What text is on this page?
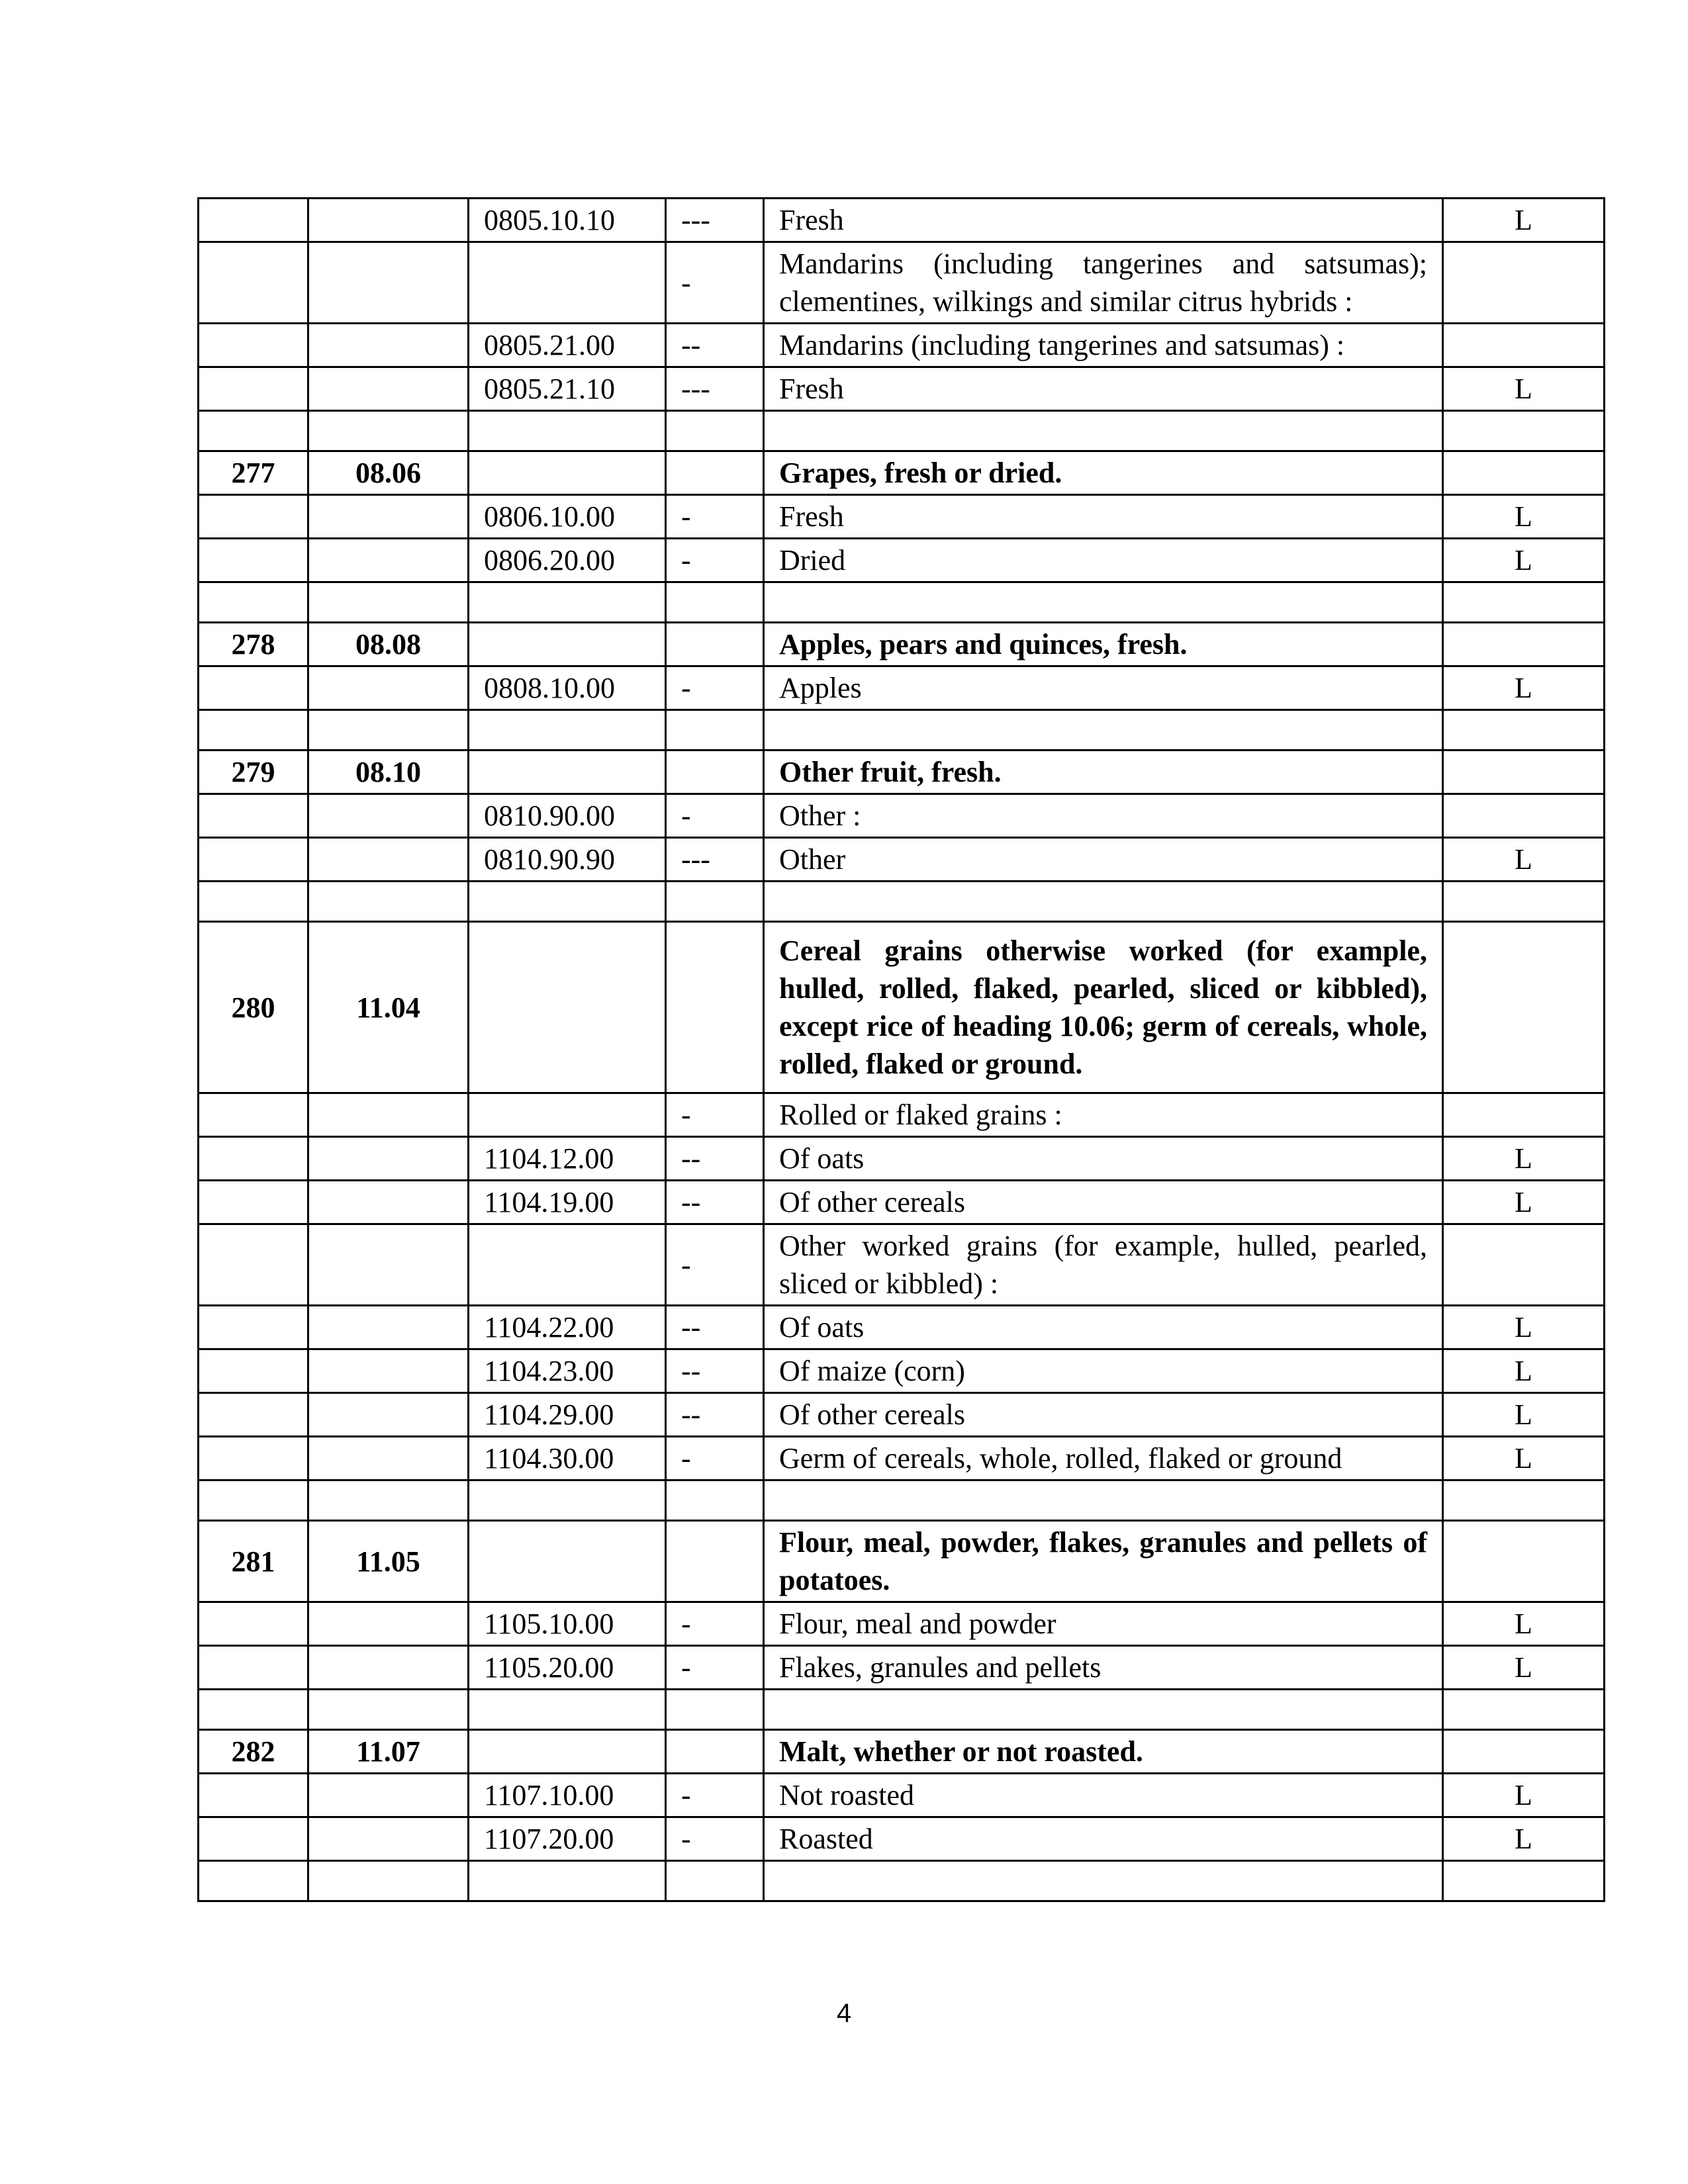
		0805.10.10	---	Fresh	L
			-	Mandarins (including tangerines and satsumas); clementines, wilkings and similar citrus hybrids :	
		0805.21.00	--	Mandarins (including tangerines and satsumas) :	
		0805.21.10	---	Fresh	L

277	08.06			Grapes, fresh or dried.	
		0806.10.00	-	Fresh	L
		0806.20.00	-	Dried	L

278	08.08			Apples, pears and quinces, fresh.	
		0808.10.00	-	Apples	L

279	08.10			Other fruit, fresh.	
		0810.90.00	-	Other :	
		0810.90.90	---	Other	L

280	11.04			Cereal grains otherwise worked (for example, hulled, rolled, flaked, pearled, sliced or kibbled), except rice of heading 10.06; germ of cereals, whole, rolled, flaked or ground.	
			-	Rolled or flaked grains :	
		1104.12.00	--	Of oats	L
		1104.19.00	--	Of other cereals	L
			-	Other worked grains (for example, hulled, pearled, sliced or kibbled) :	
		1104.22.00	--	Of oats	L
		1104.23.00	--	Of maize (corn)	L
		1104.29.00	--	Of other cereals	L
		1104.30.00	-	Germ of cereals, whole, rolled, flaked or ground	L

281	11.05			Flour, meal, powder, flakes, granules and pellets of potatoes.	
		1105.10.00	-	Flour, meal and powder	L
		1105.20.00	-	Flakes, granules and pellets	L

282	11.07			Malt, whether or not roasted.	
		1107.10.00	-	Not roasted	L
		1107.20.00	-	Roasted	L

4
